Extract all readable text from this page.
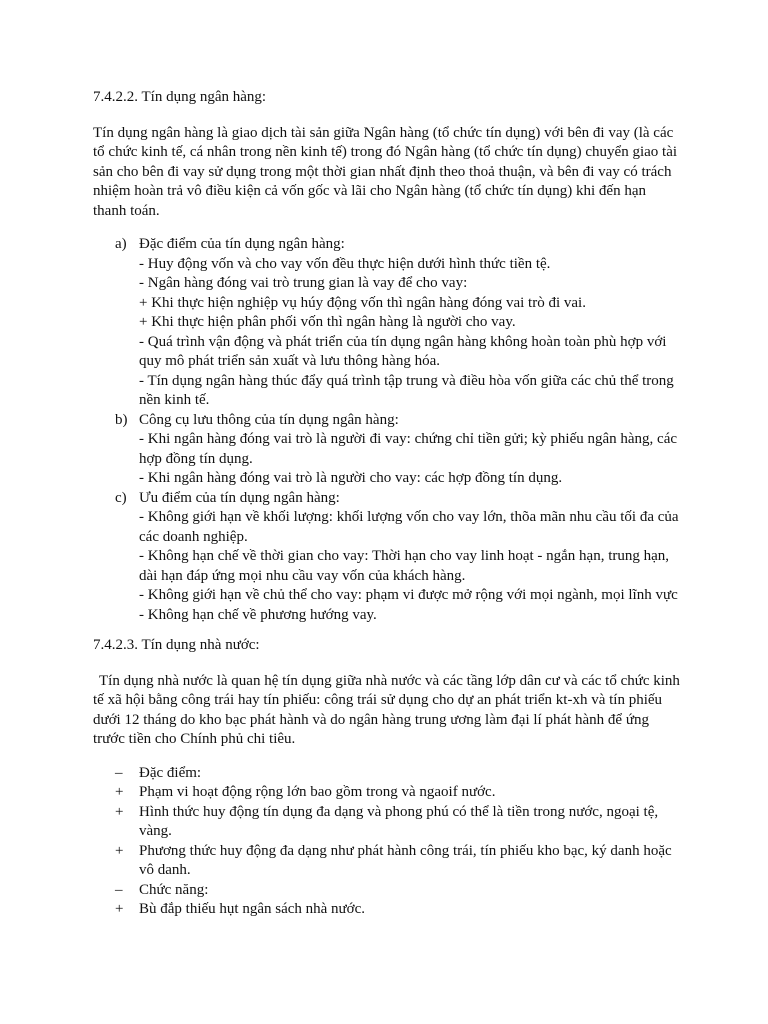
7.4.2.2. Tín dụng ngân hàng:

Tín dụng ngân hàng là giao dịch tài sản giữa Ngân hàng (tổ chức tín dụng) với bên đi vay (là các tổ chức kinh tế, cá nhân trong nền kinh tế) trong đó Ngân hàng (tổ chức tín dụng) chuyển giao tài sản cho bên đi vay sử dụng trong một thời gian nhất định theo thoả thuận, và bên đi vay có trách nhiệm hoàn trả vô điều kiện cả vốn gốc và lãi cho Ngân hàng (tổ chức tín dụng) khi đến hạn thanh toán.

a) Đặc điểm của tín dụng ngân hàng:
- Huy động vốn và cho vay vốn đều thực hiện dưới hình thức tiền tệ.
- Ngân hàng đóng vai trò trung gian là vay để cho vay:
+ Khi thực hiện nghiệp vụ húy động vốn thì ngân hàng đóng vai trò đi vai.
+ Khi thực hiện phân phối vốn thì ngân hàng là người cho vay.
- Quá trình vận động và phát triển của tín dụng ngân hàng không hoàn toàn phù hợp với quy mô phát triển sản xuất và lưu thông hàng hóa.
- Tín dụng ngân hàng thúc đẩy quá trình tập trung và điều hòa vốn giữa các chủ thể trong nền kinh tế.
b) Công cụ lưu thông của tín dụng ngân hàng:
- Khi ngân hàng đóng vai trò là người đi vay: chứng chỉ tiền gửi; kỳ phiếu ngân hàng, các hợp đồng tín dụng.
- Khi ngân hàng đóng vai trò là người cho vay: các hợp đồng tín dụng.
c) Ưu điểm của tín dụng ngân hàng:
- Không giới hạn về khối lượng: khối lượng vốn cho vay lớn, thõa mãn nhu cầu tối đa của các doanh nghiệp.
- Không hạn chế về thời gian cho vay: Thời hạn cho vay linh hoạt - ngắn hạn, trung hạn, dài hạn đáp ứng mọi nhu cầu vay vốn của khách hàng.
- Không giới hạn về chủ thể cho vay: phạm vi được mở rộng với mọi ngành, mọi lĩnh vực
- Không hạn chế về phương hướng vay.

7.4.2.3. Tín dụng nhà nước:

Tín dụng nhà nước là quan hệ tín dụng giữa nhà nước và các tầng lớp dân cư và các tổ chức kinh tế xã hội bằng công trái hay tín phiếu: công trái sử dụng cho dự an phát triển kt-xh và tín phiếu dưới 12 tháng do kho bạc phát hành và do ngân hàng trung ương làm đại lí phát hành để ứng trước tiền cho Chính phủ chi tiêu.

– Đặc điểm:
+ Phạm vi hoạt động rộng lớn bao gồm trong và ngaoif nước.
+ Hình thức huy động tín dụng đa dạng và phong phú có thể là tiền trong nước, ngoại tệ, vàng.
+ Phương thức huy động đa dạng như phát hành công trái, tín phiếu kho bạc, ký danh hoặc vô danh.
– Chức năng:
+ Bù đắp thiếu hụt ngân sách nhà nước.
